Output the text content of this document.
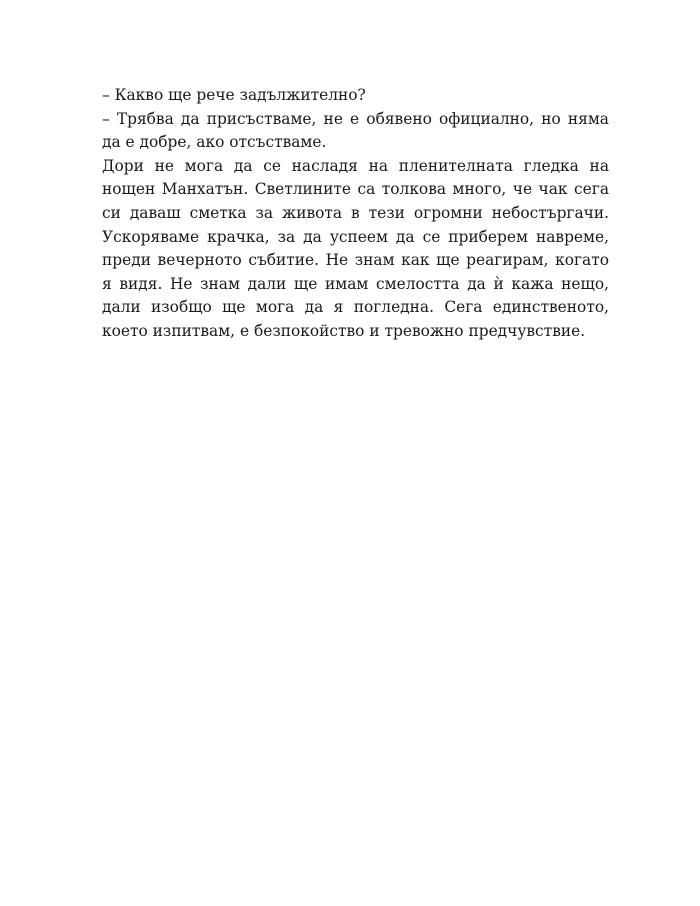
– Какво ще рече задължително?

– Трябва да присъстваме, не е обявено официално, но няма да е добре, ако отсъстваме.

Дори не мога да се насладя на пленителната гледка на нощен Манхатън. Светлините са толкова много, че чак сега си даваш сметка за живота в тези огромни небостъргачи. Ускоряваме крачка, за да успеем да се приберем навреме, преди вечерното събитие. Не знам как ще реагирам, когато я видя. Не знам дали ще имам смелостта да ѝ кажа нещо, дали изобщо ще мога да я погледна. Сега единственото, което изпитвам, е безпокойство и тревожно предчувствие.
